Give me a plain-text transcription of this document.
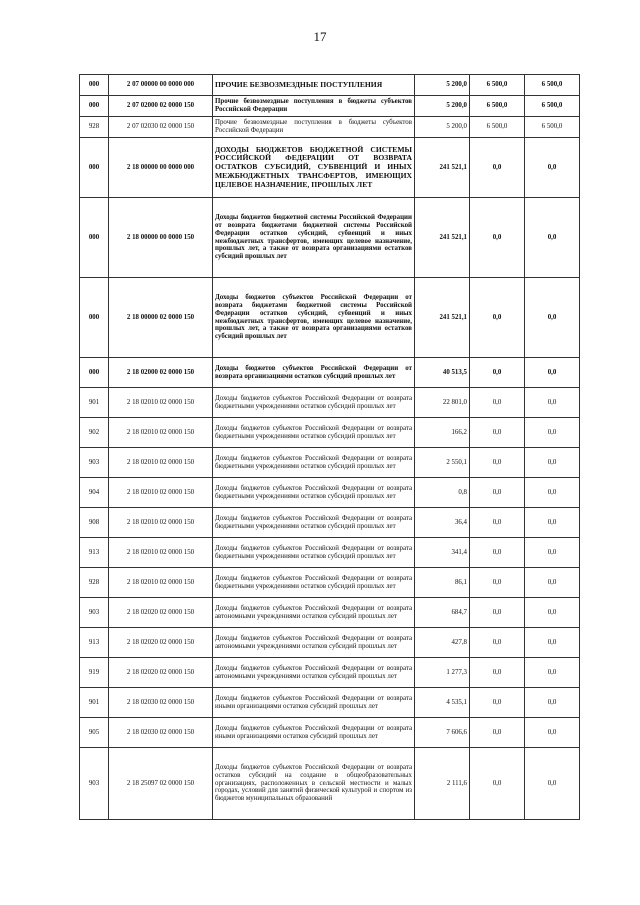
17
000	2 07 00000 00 0000 000	ПРОЧИЕ БЕЗВОЗМЕЗДНЫЕ ПОСТУПЛЕНИЯ	5 200,0	6 500,0	6 500,0
000	2 07 02000 02 0000 150	Прочие безвозмездные поступления в бюджеты субъектов Российской Федерации	5 200,0	6 500,0	6 500,0
928	2 07 02030 02 0000 150	Прочие безвозмездные поступления в бюджеты субъектов Российской Федерации	5 200,0	6 500,0	6 500,0
000	2 18 00000 00 0000 000	ДОХОДЫ БЮДЖЕТОВ БЮДЖЕТНОЙ СИСТЕМЫ РОССИЙСКОЙ ФЕДЕРАЦИИ ОТ ВОЗВРАТА ОСТАТКОВ СУБСИДИЙ, СУБВЕНЦИЙ И ИНЫХ МЕЖБЮДЖЕТНЫХ ТРАНСФЕРТОВ, ИМЕЮЩИХ ЦЕЛЕВОЕ НАЗНАЧЕНИЕ, ПРОШЛЫХ ЛЕТ	241 521,1	0,0	0,0
000	2 18 00000 00 0000 150	Доходы бюджетов бюджетной системы Российской Федерации от возврата бюджетами бюджетной системы Российской Федерации остатков субсидий, субвенций и иных межбюджетных трансфертов, имеющих целевое назначение, прошлых лет, а также от возврата организациями остатков субсидий прошлых лет	241 521,1	0,0	0,0
000	2 18 00000 02 0000 150	Доходы бюджетов субъектов Российской Федерации от возврата бюджетами бюджетной системы Российской Федерации остатков субсидий, субвенций и иных межбюджетных трансфертов, имеющих целевое назначение, прошлых лет, а также от возврата организациями остатков субсидий прошлых лет	241 521,1	0,0	0,0
000	2 18 02000 02 0000 150	Доходы бюджетов субъектов Российской Федерации от возврата организациями остатков субсидий прошлых лет	40 513,5	0,0	0,0
901	2 18 02010 02 0000 150	Доходы бюджетов субъектов Российской Федерации от возврата бюджетными учреждениями остатков субсидий прошлых лет	22 801,0	0,0	0,0
902	2 18 02010 02 0000 150	Доходы бюджетов субъектов Российской Федерации от возврата бюджетными учреждениями остатков субсидий прошлых лет	166,2	0,0	0,0
903	2 18 02010 02 0000 150	Доходы бюджетов субъектов Российской Федерации от возврата бюджетными учреждениями остатков субсидий прошлых лет	2 550,1	0,0	0,0
904	2 18 02010 02 0000 150	Доходы бюджетов субъектов Российской Федерации от возврата бюджетными учреждениями остатков субсидий прошлых лет	0,8	0,0	0,0
908	2 18 02010 02 0000 150	Доходы бюджетов субъектов Российской Федерации от возврата бюджетными учреждениями остатков субсидий прошлых лет	36,4	0,0	0,0
913	2 18 02010 02 0000 150	Доходы бюджетов субъектов Российской Федерации от возврата бюджетными учреждениями остатков субсидий прошлых лет	341,4	0,0	0,0
928	2 18 02010 02 0000 150	Доходы бюджетов субъектов Российской Федерации от возврата бюджетными учреждениями остатков субсидий прошлых лет	86,1	0,0	0,0
903	2 18 02020 02 0000 150	Доходы бюджетов субъектов Российской Федерации от возврата автономными учреждениями остатков субсидий прошлых лет	684,7	0,0	0,0
913	2 18 02020 02 0000 150	Доходы бюджетов субъектов Российской Федерации от возврата автономными учреждениями остатков субсидий прошлых лет	427,8	0,0	0,0
919	2 18 02020 02 0000 150	Доходы бюджетов субъектов Российской Федерации от возврата автономными учреждениями остатков субсидий прошлых лет	1 277,3	0,0	0,0
901	2 18 02030 02 0000 150	Доходы бюджетов субъектов Российской Федерации от возврата иными организациями остатков субсидий прошлых лет	4 535,1	0,0	0,0
905	2 18 02030 02 0000 150	Доходы бюджетов субъектов Российской Федерации от возврата иными организациями остатков субсидий прошлых лет	7 606,6	0,0	0,0
903	2 18 25097 02 0000 150	Доходы бюджетов субъектов Российской Федерации от возврата остатков субсидий на создание в общеобразовательных организациях, расположенных в сельской местности и малых городах, условий для занятий физической культурой и спортом из бюджетов муниципальных образований	2 111,6	0,0	0,0
